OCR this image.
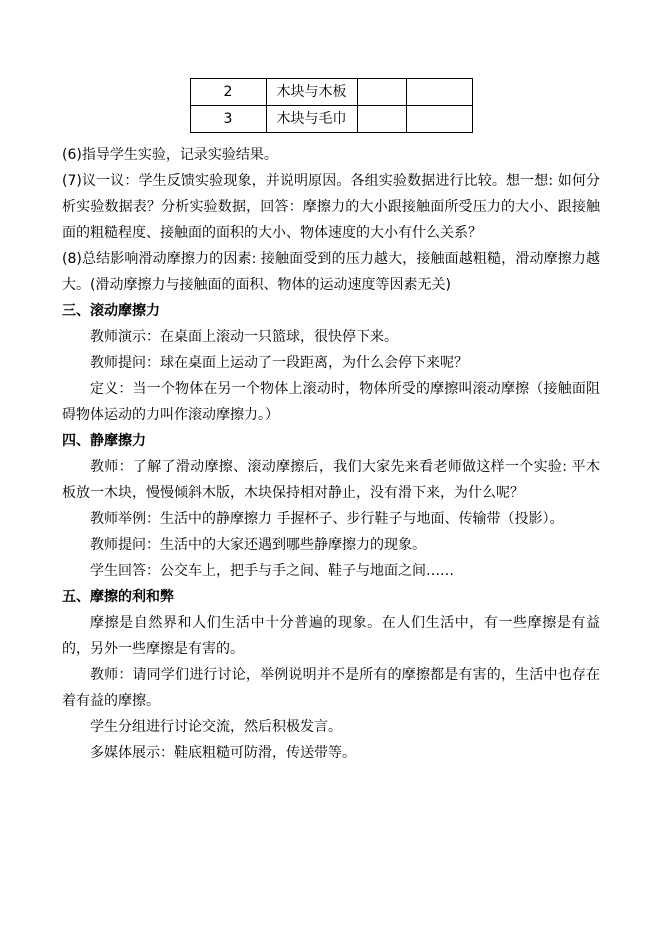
2	木块与木板		
3	木块与毛巾		

(6)指导学生实验，记录实验结果。

(7)议一议：学生反馈实验现象，并说明原因。各组实验数据进行比较。想一想: 如何分析实验数据表？分析实验数据，回答：摩擦力的大小跟接触面所受压力的大小、跟接触面的粗糙程度、接触面的面积的大小、物体速度的大小有什么关系？

(8)总结影响滑动摩擦力的因素: 接触面受到的压力越大，接触面越粗糙，滑动摩擦力越大。(滑动摩擦力与接触面的面积、物体的运动速度等因素无关)

三、滚动摩擦力

教师演示：在桌面上滚动一只篮球，很快停下来。

教师提问：球在桌面上运动了一段距离，为什么会停下来呢？

定义：当一个物体在另一个物体上滚动时，物体所受的摩擦叫滚动摩擦（接触面阻碍物体运动的力叫作滚动摩擦力。）

四、静摩擦力

教师：了解了滑动摩擦、滚动摩擦后，我们大家先来看老师做这样一个实验: 平木板放一木块，慢慢倾斜木版，木块保持相对静止，没有滑下来，为什么呢？

教师举例：生活中的静摩擦力 手握杯子、步行鞋子与地面、传输带（投影）。

教师提问：生活中的大家还遇到哪些静摩擦力的现象。

学生回答：公交车上，把手与手之间、鞋子与地面之间……

五、摩擦的利和弊

摩擦是自然界和人们生活中十分普遍的现象。在人们生活中，有一些摩擦是有益的，另外一些摩擦是有害的。

教师：请同学们进行讨论，举例说明并不是所有的摩擦都是有害的，生活中也存在着有益的摩擦。

学生分组进行讨论交流，然后积极发言。

多媒体展示：鞋底粗糙可防滑，传送带等。
